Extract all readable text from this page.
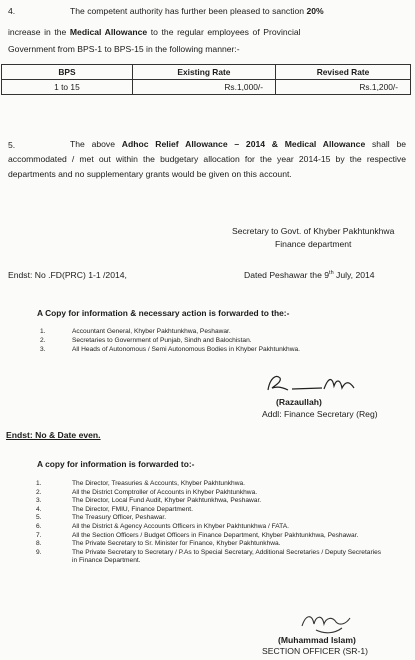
4.	The competent authority has further been pleased to sanction 20%
increase in the Medical Allowance to the regular employees of Provincial
Government from BPS-1 to BPS-15 in the following manner:-
BPS	Existing Rate	Revised Rate
1 to 15	Rs.1,000/-	Rs.1,200/-
5.	The above Adhoc Relief Allowance – 2014 & Medical Allowance shall be accommodated / met out within the budgetary allocation for the year 2014-15 by the respective departments and no supplementary grants would be given on this account.
Secretary to Govt. of Khyber Pakhtunkhwa
Finance department
Endst: No .FD(PRC) 1-1 /2014,	Dated Peshawar the 9th July, 2014
A Copy for information & necessary action is forwarded to the:-
1.	Accountant General, Khyber Pakhtunkhwa, Peshawar.
2.	Secretaries to Government of Punjab, Sindh and Balochistan.
3.	All Heads of Autonomous / Semi Autonomous Bodies in Khyber Pakhtunkhwa.
(Razaullah)
Addl: Finance Secretary (Reg)
Endst: No & Date even.
A copy for information is forwarded to:-
1.	The Director, Treasuries & Accounts, Khyber Pakhtunkhwa.
2.	All the District Comptroller of Accounts in Khyber Pakhtunkhwa.
3.	The Director, Local Fund Audit, Khyber Pakhtunkhwa, Peshawar.
4.	The Director, FMIU, Finance Department.
5.	The Treasury Officer, Peshawar.
6.	All the District & Agency Accounts Officers in Khyber Pakhtunkhwa / FATA.
7.	All the Section Officers / Budget Officers in Finance Department, Khyber Pakhtunkhwa, Peshawar.
8.	The Private Secretary to Sr. Minister for Finance, Khyber Pakhtunkhwa.
9.	The Private Secretary to Secretary / P.As to Special Secretary, Additional Secretaries / Deputy Secretaries in Finance Department.
(Muhammad Islam)
SECTION OFFICER (SR-1)
